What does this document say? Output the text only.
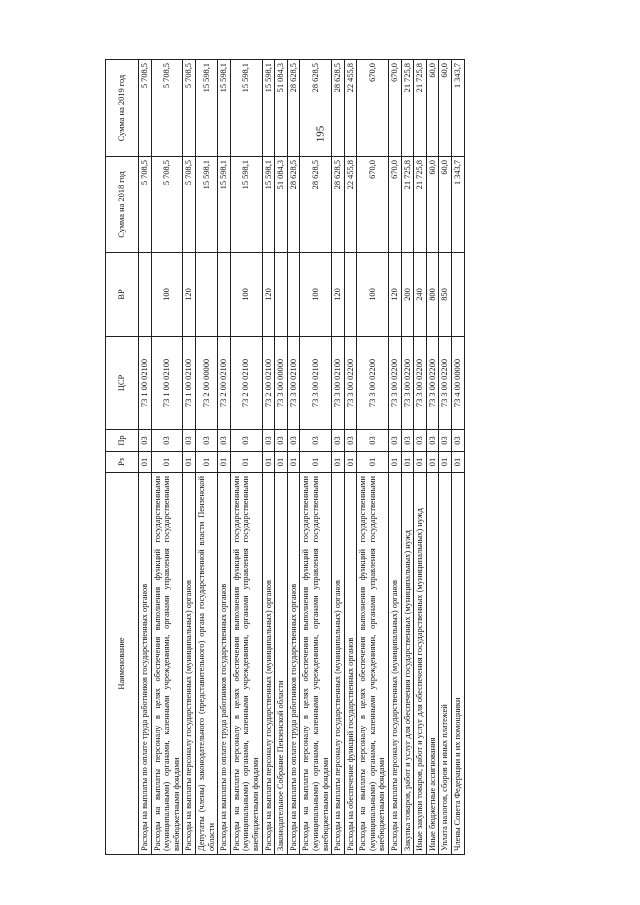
195
Наименование	Рз	Пр	ЦСР	ВР	Сумма на 2018 год	Сумма на 2019 год
Расходы на выплаты по оплате труда работников государственных органов	01	03	73 1 00 02100		5 708,5	5 708,5
Расходы на выплаты персоналу в целях обеспечения выполнения функций государственными (муниципальными) органами, казенными учреждениями, органами управления государственными внебюджетными фондами	01	03	73 1 00 02100	100	5 708,5	5 708,5
Расходы на выплаты персоналу государственных (муниципальных) органов	01	03	73 1 00 02100	120	5 708,5	5 708,5
Депутаты (члены) законодательного (представительного) органа государственной власти Пензенской области	01	03	73 2 00 00000		15 598,1	15 598,1
Расходы на выплаты по оплате труда работников государственных органов	01	03	73 2 00 02100		15 598,1	15 598,1
Расходы на выплаты персоналу в целях обеспечения выполнения функций государственными (муниципальными) органами, казенными учреждениями, органами управления государственными внебюджетными фондами	01	03	73 2 00 02100	100	15 598,1	15 598,1
Расходы на выплаты персоналу государственных (муниципальных) органов	01	03	73 2 00 02100	120	15 598,1	15 598,1
Законодательное Собрание Пензенской области	01	03	73 3 00 00000		51 084,3	51 084,3
Расходы на выплаты по оплате труда работников государственных органов	01	03	73 3 00 02100		28 628,5	28 628,5
Расходы на выплаты персоналу в целях обеспечения выполнения функций государственными (муниципальными) органами, казенными учреждениями, органами управления государственными внебюджетными фондами	01	03	73 3 00 02100	100	28 628,5	28 628,5
Расходы на выплаты персоналу государственных (муниципальных) органов	01	03	73 3 00 02100	120	28 628,5	28 628,5
Расходы на обеспечение функций государственных органов	01	03	73 3 00 02200		22 455,8	22 455,8
Расходы на выплаты персоналу в целях обеспечения выполнения функций государственными (муниципальными) органами, казенными учреждениями, органами управления государственными внебюджетными фондами	01	03	73 3 00 02200	100	670,0	670,0
Расходы на выплаты персоналу государственных (муниципальных) органов	01	03	73 3 00 02200	120	670,0	670,0
Закупка товаров, работ и услуг для обеспечения государственных (муниципальных) нужд	01	03	73 3 00 02200	200	21 725,8	21 725,8
Иные закупки товаров, работ и услуг для обеспечения государственных (муниципальных) нужд	01	03	73 3 00 02200	240	21 725,8	21 725,8
Иные бюджетные ассигнования	01	03	73 3 00 02200	800	60,0	60,0
Уплата налогов, сборов и иных платежей	01	03	73 3 00 02200	850	60,0	60,0
Члены Совета Федерации и их помощники	01	03	73 4 00 00000		1 343,7	1 343,7
